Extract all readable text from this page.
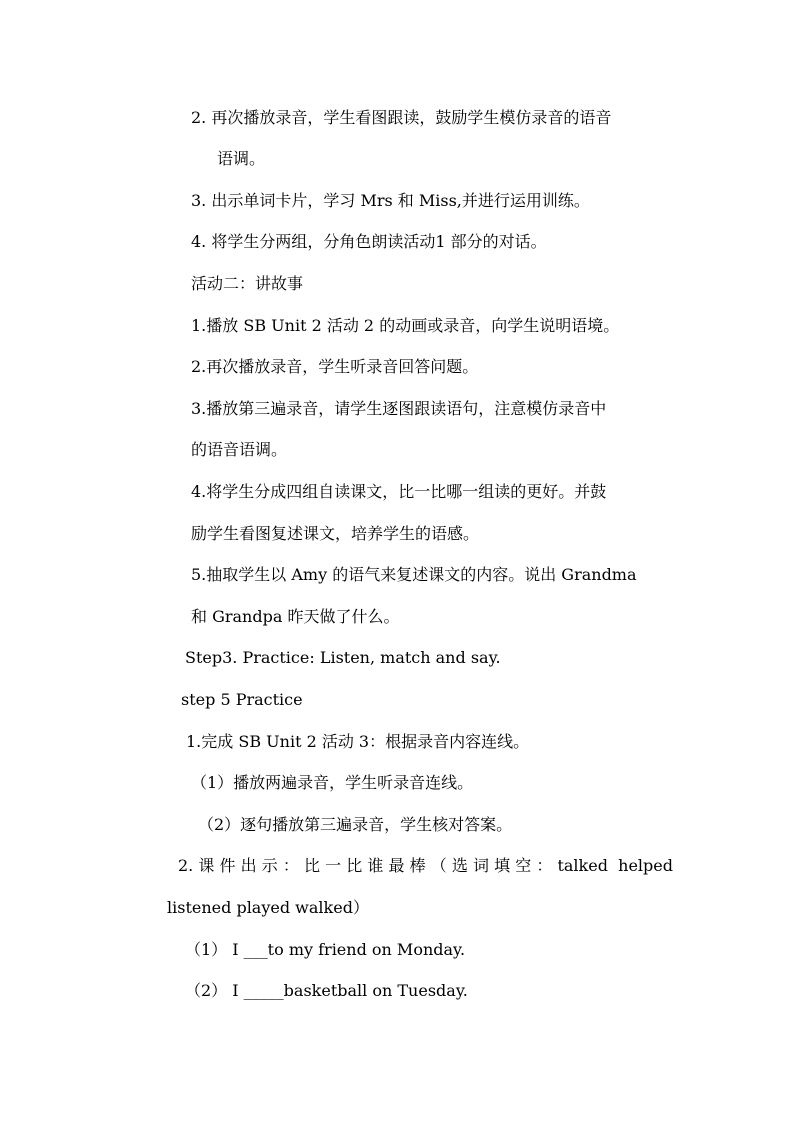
2. 再次播放录音，学生看图跟读，鼓励学生模仿录音的语音
语调。
3. 出示单词卡片，学习 Mrs 和 Miss,并进行运用训练。
4. 将学生分两组，分角色朗读活动1 部分的对话。
活动二：讲故事
1.播放 SB Unit 2 活动 2 的动画或录音，向学生说明语境。
2.再次播放录音，学生听录音回答问题。
3.播放第三遍录音，请学生逐图跟读语句，注意模仿录音中
的语音语调。
4.将学生分成四组自读课文，比一比哪一组读的更好。并鼓
励学生看图复述课文，培养学生的语感。
5.抽取学生以 Amy 的语气来复述课文的内容。说出 Grandma
和 Grandpa 昨天做了什么。
Step3. Practice: Listen, match and say.
step 5 Practice
1.完成 SB Unit 2 活动 3：根据录音内容连线。
（1）播放两遍录音，学生听录音连线。
（2）逐句播放第三遍录音，学生核对答案。
2.课件出示：比一比谁最棒（选词填空：talked helped
listened played walked）
（1） I ___to my friend on Monday.
（2） I _____basketball on Tuesday.
